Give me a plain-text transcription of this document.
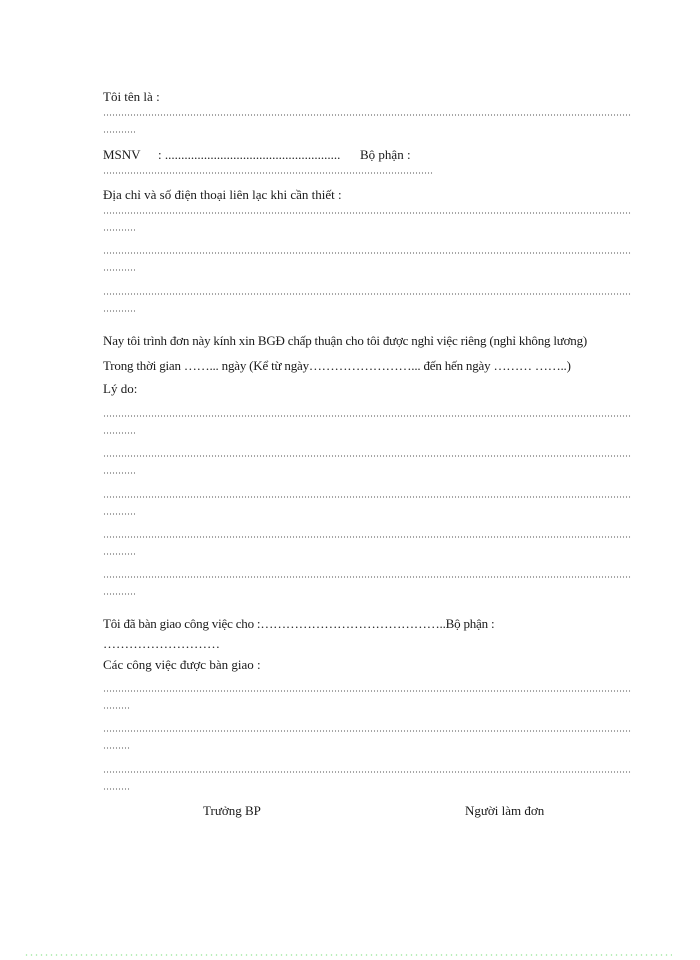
Tôi tên là :
MSNV : ...................................................... Bộ phận :
Địa chỉ và số điện thoại liên lạc khi cần thiết :
Nay tôi trình đơn này kính xin BGĐ chấp thuận cho tôi được nghỉ việc riêng (nghỉ không lương)
Trong thời gian ……... ngày (Kể từ ngày……………………... đến hến ngày ……… ……..)
Lý do:
Tôi đã bàn giao công việc cho :……………………………………..Bộ phận :
………………………
Các công việc được bàn giao :
Trưởng BP	Người làm đơn
